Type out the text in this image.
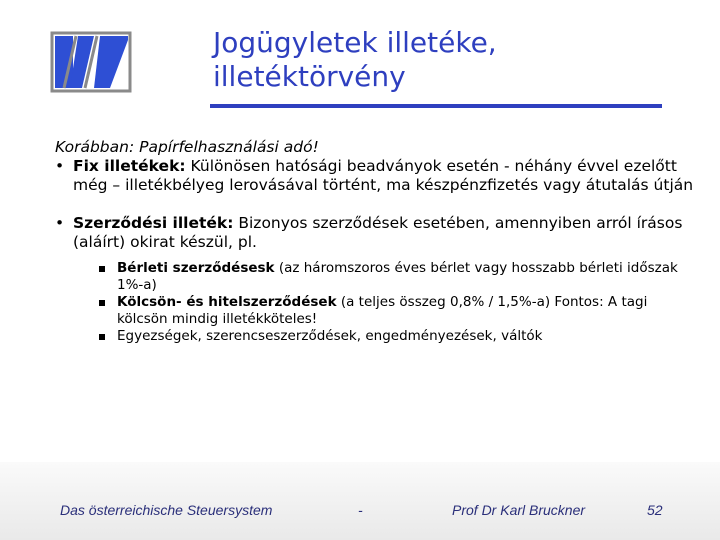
Jogügyletek illetéke,
illetéktörvény

Korábban: Papírfelhasználási adó!

• Fix illetékek: Különösen hatósági beadványok esetén - néhány évvel ezelőtt még – illetékbélyeg lerovásával történt, ma készpénzfizetés vagy átutalás útján

• Szerződési illeték: Bizonyos szerződések esetében, amennyiben arról írásos (aláírt) okirat készül, pl.

Bérleti szerződésesk (az háromszoros éves bérlet vagy hosszabb bérleti időszak 1%-a)

Kölcsön- és hitelszerződések (a teljes összeg 0,8% / 1,5%-a) Fontos: A tagi kölcsön mindig illetékköteles!

Egyezségek, szerencseszerződések, engedményezések, váltók

Das österreichische Steuersystem	-	Prof Dr Karl Bruckner	52
